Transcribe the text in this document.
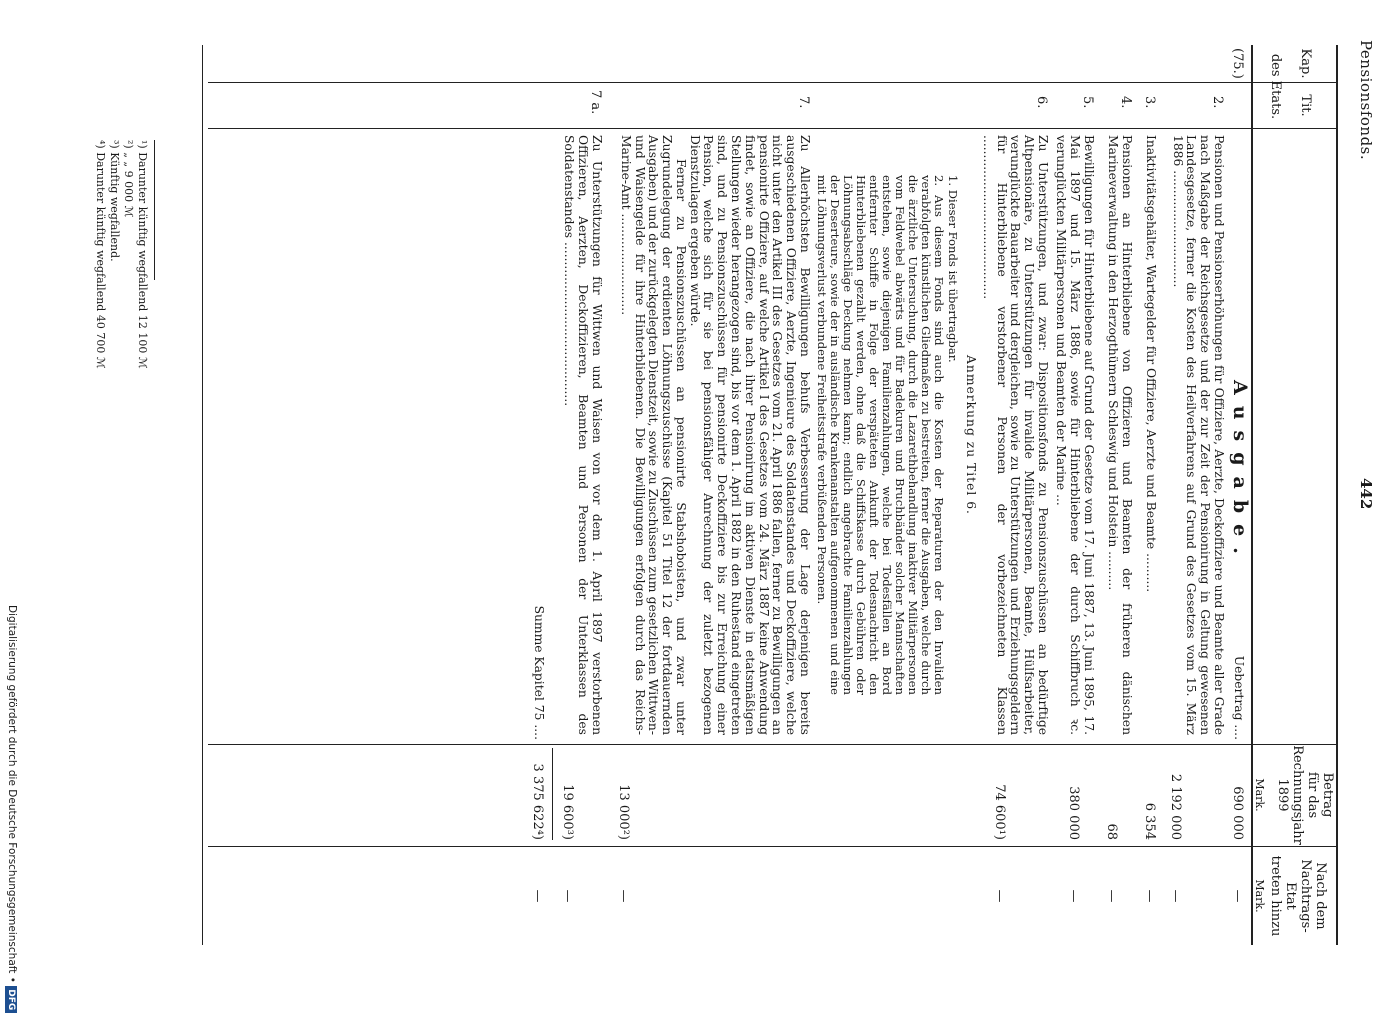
Pensionsfonds.
442
Kap.
Tit.
des Etats.
Ausgabe.
Betrag
für das
Rechnungsjahr
1899
Nach dem
Nachtrags-Etat
treten hinzu
Mark.
Mark.
(75.)
Uebertrag ....
690 000
—
2.
Pensionen und Pensionserhöhungen für Offiziere, Aerzte, Deckoffiziere und Beamte aller Grade nach Maßgabe der Reichsgesetze und der zur Zeit der Pensionirung in Geltung gewesenen Landesgesetze, ferner die Kosten des Heilverfahrens auf Grund des Gesetzes vom 15. März 1886 ..............................
2 192 000
—
3.
Inaktivitätsgehälter, Wartegelder für Offiziere, Aerzte und Beamte ..........
6 354
—
4.
Pensionen an Hinterbliebene von Offizieren und Beamten der früheren dänischen Marineverwaltung in den Herzogthümern Schleswig und Holstein ..........
68
—
5.
Bewilligungen für Hinterbliebene auf Grund der Gesetze vom 17. Juni 1887, 13. Juni 1895, 17. Mai 1897 und 15. März 1886, sowie für Hinterbliebene der durch Schiffbruch ꝛc. verunglückten Militärpersonen und Beamten der Marine ...
380 000
—
6.
Zu Unterstützungen, und zwar: Dispositionsfonds zu Pensionszuschüssen an bedürftige Altpensionäre, zu Unterstützungen für invalide Militärpersonen, Beamte, Hülfsarbeiter, verunglückte Bauarbeiter und dergleichen, sowie zu Unterstützungen und Erziehungsgeldern für Hinterbliebene verstorbener Personen der vorbezeichneten Klassen ..........................................
74 600¹)
—
Anmerkung zu Titel 6.
1. Dieser Fonds ist übertragbar.
2. Aus diesem Fonds sind auch die Kosten der Reparaturen der den Invaliden verabfolgten künstlichen Gliedmaßen zu bestreiten, ferner die Ausgaben, welche durch die ärztliche Untersuchung, durch die Lazarethbehandlung inaktiver Militärpersonen vom Feldwebel abwärts und für Badekuren und Bruchbänder solcher Mannschaften entstehen, sowie diejenigen Familienzahlungen, welche bei Todesfällen an Bord entfernter Schiffe in Folge der verspäteten Ankunft der Todesnachricht den Hinterbliebenen gezahlt werden, ohne daß die Schiffskasse durch Gebühren oder Löhnungsabschläge Deckung nehmen kann; endlich angebrachte Familienzahlungen der Deserteure, sowie der in ausländische Krankenanstalten aufgenommenen und eine mit Löhnungsverlust verbundene Freiheitsstrafe verbüßenden Personen.
7.
Zu Allerhöchsten Bewilligungen behufs Verbesserung der Lage derjenigen bereits ausgeschiedenen Offiziere, Aerzte, Ingenieure des Soldatenstandes und Deckoffiziere, welche nicht unter den Artikel III des Gesetzes vom 21. April 1886 fallen, ferner zu Bewilligungen an pensionirte Offiziere, auf welche Artikel I des Gesetzes vom 24. März 1887 keine Anwendung findet, sowie an Offiziere, die nach ihrer Pensionirung im aktiven Dienste in etatsmäßigen Stellungen wieder herangezogen sind, bis vor dem 1. April 1882 in den Ruhestand eingetreten sind, und zu Pensionszuschüssen für pensionirte Deckoffiziere bis zur Erreichung einer Pension, welche sich für sie bei pensionsfähiger Anrechnung der zuletzt bezogenen Dienstzulagen ergeben würde.
Ferner zu Pensionszuschüssen an pensionirte Stabshoboisten, und zwar unter Zugrundelegung der erdienten Löhnungszuschüsse (Kapitel 51 Titel 12 der fortdauernden Ausgaben) und der zurückgelegten Dienstzeit, sowie zu Zuschüssen zum gesetzlichen Wittwen- und Waisengelde für ihre Hinterbliebenen. Die Bewilligungen erfolgen durch das Reichs-Marine-Amt ..........................
13 000²)
—
7 a.
Zu Unterstützungen für Wittwen und Waisen von vor dem 1. April 1897 verstorbenen Offizieren, Aerzten, Deckoffizieren, Beamten und Personen der Unterklassen des Soldatenstandes ..........................................
19 600³)
—
Summe Kapitel 75 ....
3 375 622⁴)
—
¹) Darunter künftig wegfallend 12 100 ℳ
²) „ „ 9 000 ℳ
³) Künftig wegfallend.
⁴) Darunter künftig wegfallend 40 700 ℳ
Digitalisierung gefördert durch die Deutsche Forschungsgemeinschaft • DFG
